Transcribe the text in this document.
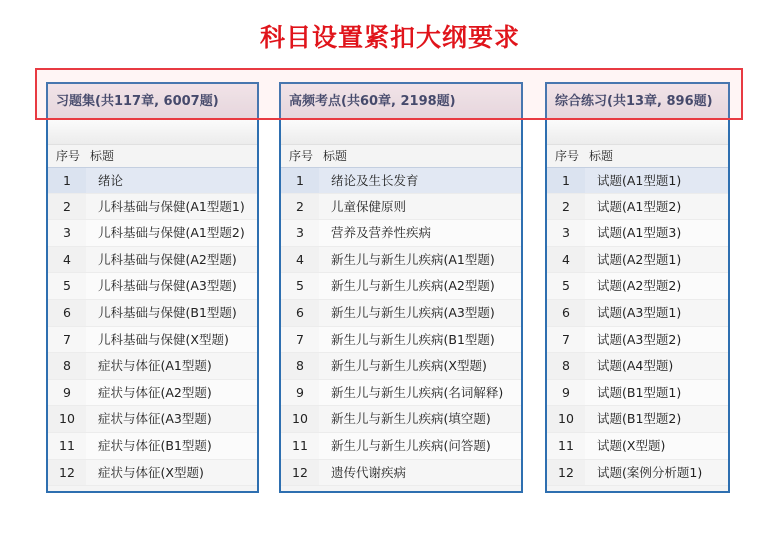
科目设置紧扣大纲要求
习题集(共117章, 6007题)
序号 标题
1	绪论
2	儿科基础与保健(A1型题1)
3	儿科基础与保健(A1型题2)
4	儿科基础与保健(A2型题)
5	儿科基础与保健(A3型题)
6	儿科基础与保健(B1型题)
7	儿科基础与保健(X型题)
8	症状与体征(A1型题)
9	症状与体征(A2型题)
10	症状与体征(A3型题)
11	症状与体征(B1型题)
12	症状与体征(X型题)
高频考点(共60章, 2198题)
序号 标题
1	绪论及生长发育
2	儿童保健原则
3	营养及营养性疾病
4	新生儿与新生儿疾病(A1型题)
5	新生儿与新生儿疾病(A2型题)
6	新生儿与新生儿疾病(A3型题)
7	新生儿与新生儿疾病(B1型题)
8	新生儿与新生儿疾病(X型题)
9	新生儿与新生儿疾病(名词解释)
10	新生儿与新生儿疾病(填空题)
11	新生儿与新生儿疾病(问答题)
12	遗传代谢疾病
综合练习(共13章, 896题)
序号 标题
1	试题(A1型题1)
2	试题(A1型题2)
3	试题(A1型题3)
4	试题(A2型题1)
5	试题(A2型题2)
6	试题(A3型题1)
7	试题(A3型题2)
8	试题(A4型题)
9	试题(B1型题1)
10	试题(B1型题2)
11	试题(X型题)
12	试题(案例分析题1)
